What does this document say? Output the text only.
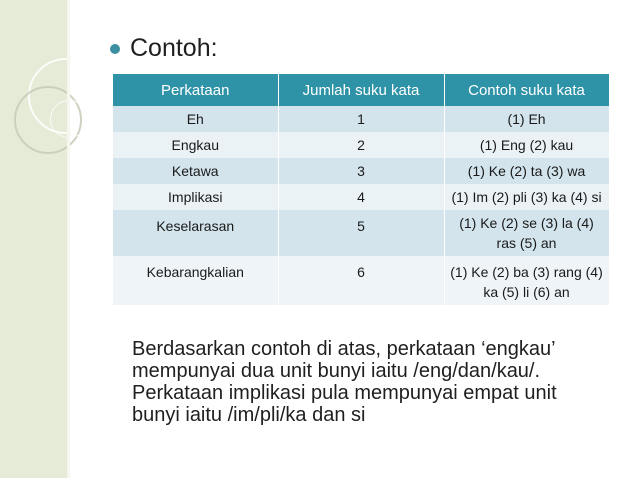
Contoh:
Berdasarkan contoh di atas, perkataan ‘engkau’ mempunyai dua unit bunyi iaitu /eng/dan/kau/. Perkataan implikasi pula mempunyai empat unit bunyi iaitu /im/pli/ka dan si
Perkataan	Jumlah suku kata	Contoh suku kata
Eh	1	(1) Eh
Engkau	2	(1) Eng (2) kau
Ketawa	3	(1) Ke (2) ta (3) wa
Implikasi	4	(1) Im (2) pli (3) ka (4) si
Keselarasan	5	(1) Ke (2) se (3) la (4) ras (5) an
Kebarangkalian	6	(1) Ke (2) ba (3) rang (4) ka (5) li (6) an
